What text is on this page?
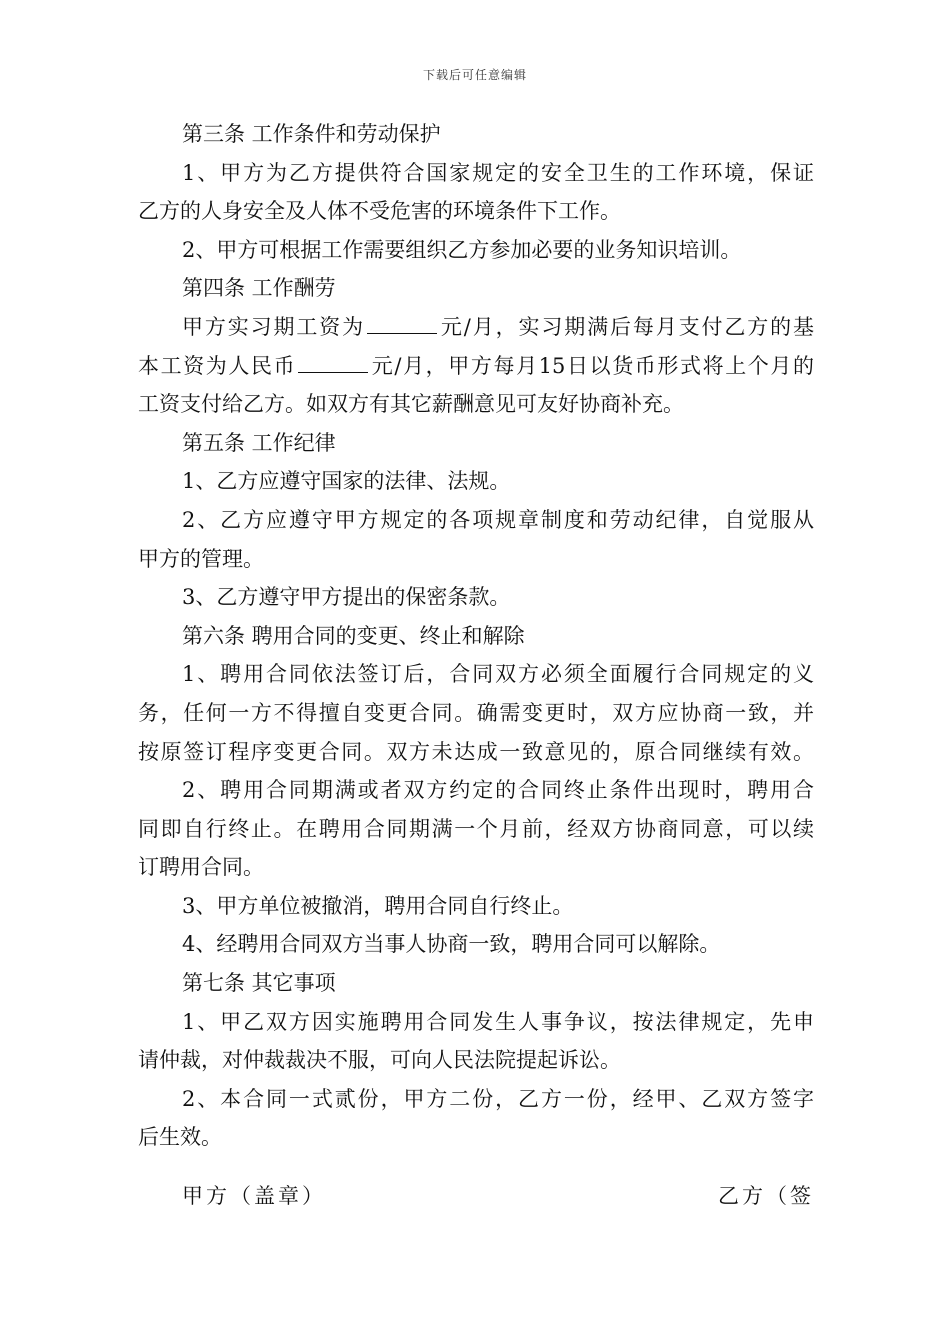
下载后可任意编辑
第三条 工作条件和劳动保护
1、甲方为乙方提供符合国家规定的安全卫生的工作环境，保证
乙方的人身安全及人体不受危害的环境条件下工作。
2、甲方可根据工作需要组织乙方参加必要的业务知识培训。
第四条 工作酬劳
甲方实习期工资为	元/月，实习期满后每月支付乙方的基
本工资为人民币	元/月，甲方每月15日以货币形式将上个月的
工资支付给乙方。如双方有其它薪酬意见可友好协商补充。
第五条 工作纪律
1、乙方应遵守国家的法律、法规。
2、乙方应遵守甲方规定的各项规章制度和劳动纪律，自觉服从
甲方的管理。
3、乙方遵守甲方提出的保密条款。
第六条 聘用合同的变更、终止和解除
1、聘用合同依法签订后，合同双方必须全面履行合同规定的义
务，任何一方不得擅自变更合同。确需变更时，双方应协商一致，并
按原签订程序变更合同。双方未达成一致意见的，原合同继续有效。
2、聘用合同期满或者双方约定的合同终止条件出现时，聘用合
同即自行终止。在聘用合同期满一个月前，经双方协商同意，可以续
订聘用合同。
3、甲方单位被撤消，聘用合同自行终止。
4、经聘用合同双方当事人协商一致，聘用合同可以解除。
第七条 其它事项
1、甲乙双方因实施聘用合同发生人事争议，按法律规定，先申
请仲裁，对仲裁裁决不服，可向人民法院提起诉讼。
2、本合同一式贰份，甲方二份，乙方一份，经甲、乙双方签字
后生效。
甲方（盖章）	乙方（签
